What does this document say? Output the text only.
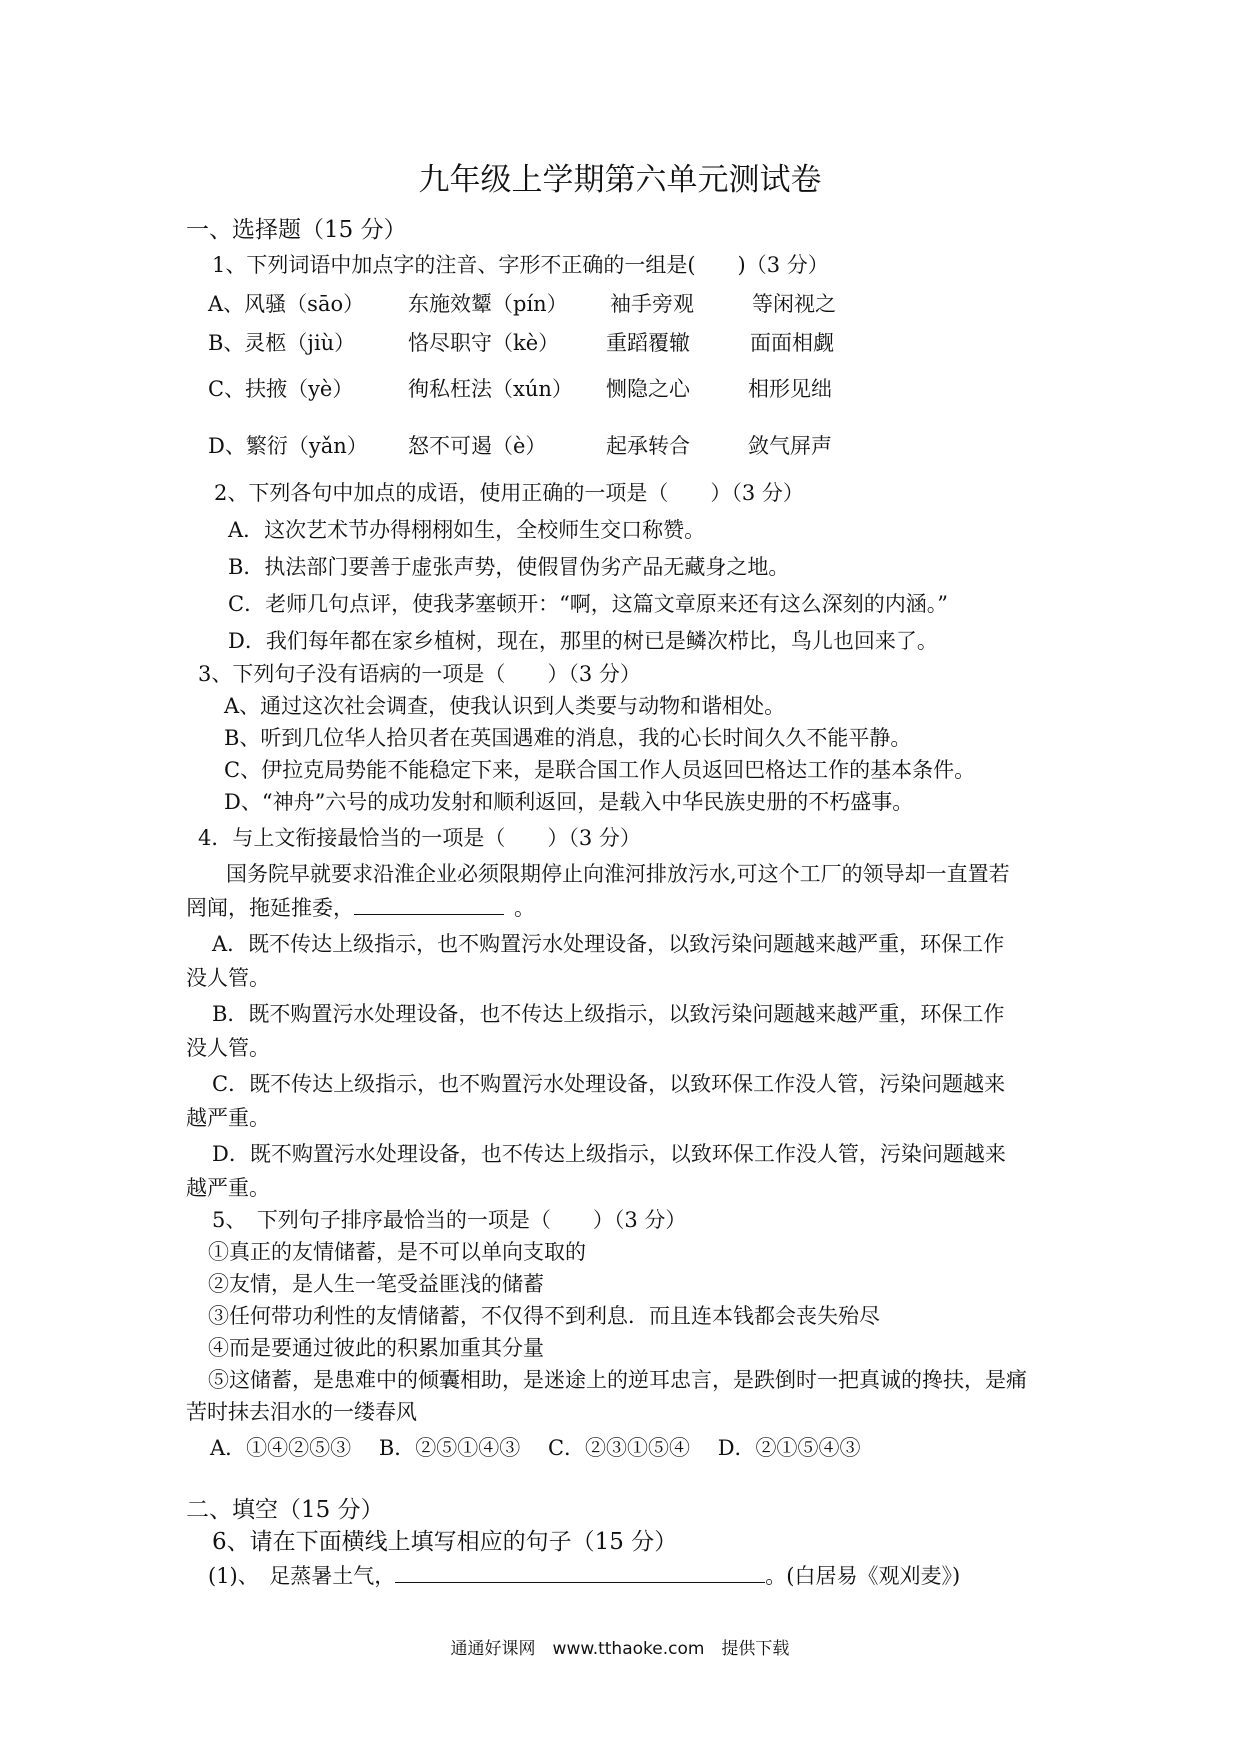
九年级上学期第六单元测试卷
一、选择题（15 分）
1、下列词语中加点字的注音、字形不正确的一组是(　　)（3 分）
A、风骚（sāo） 东施效颦（pín） 袖手旁观	等闲视之
B、灵柩（jiù）	恪尽职守（kè） 重蹈覆辙	面面相觑
C、扶掖（yè）	徇私枉法（xún） 恻隐之心	相形见绌
D、繁衍（yǎn） 怒不可遏（è）	起承转合	敛气屏声
2、下列各句中加点的成语，使用正确的一项是（　　）（3 分）
A．这次艺术节办得栩栩如生，全校师生交口称赞。
B．执法部门要善于虚张声势，使假冒伪劣产品无藏身之地。
C．老师几句点评，使我茅塞顿开：“啊，这篇文章原来还有这么深刻的内涵。”
D．我们每年都在家乡植树，现在，那里的树已是鳞次栉比，鸟儿也回来了。
3、下列句子没有语病的一项是（　　）（3 分）
A、通过这次社会调查，使我认识到人类要与动物和谐相处。
B、听到几位华人拾贝者在英国遇难的消息，我的心长时间久久不能平静。
C、伊拉克局势能不能稳定下来，是联合国工作人员返回巴格达工作的基本条件。
D、“神舟”六号的成功发射和顺利返回，是载入中华民族史册的不朽盛事。
4．与上文衔接最恰当的一项是（　　）（3 分）
国务院早就要求沿淮企业必须限期停止向淮河排放污水,可这个工厂的领导却一直置若
罔闻，拖延推委，	。
A．既不传达上级指示，也不购置污水处理设备，以致污染问题越来越严重，环保工作
没人管。
B．既不购置污水处理设备，也不传达上级指示，以致污染问题越来越严重，环保工作
没人管。
C．既不传达上级指示，也不购置污水处理设备，以致环保工作没人管，污染问题越来
越严重。
D．既不购置污水处理设备，也不传达上级指示，以致环保工作没人管，污染问题越来
越严重。
5、　下列句子排序最恰当的一项是（　　）（3 分）
①真正的友情储蓄，是不可以单向支取的
②友情，是人生一笔受益匪浅的储蓄
③任何带功利性的友情储蓄，不仅得不到利息．而且连本钱都会丧失殆尽
④而是要通过彼此的积累加重其分量
⑤这储蓄，是患难中的倾囊相助，是迷途上的逆耳忠言，是跌倒时一把真诚的搀扶，是痛
苦时抹去泪水的一缕春风
A．①④②⑤③　 B．②⑤①④③　 C．②③①⑤④　 D．②①⑤④③
二、填空（15 分）
6、请在下面横线上填写相应的句子（15 分）
(1)、　足蒸暑土气，	。(白居易《观刈麦》)
通通好课网　www.tthaoke.com　提供下载
